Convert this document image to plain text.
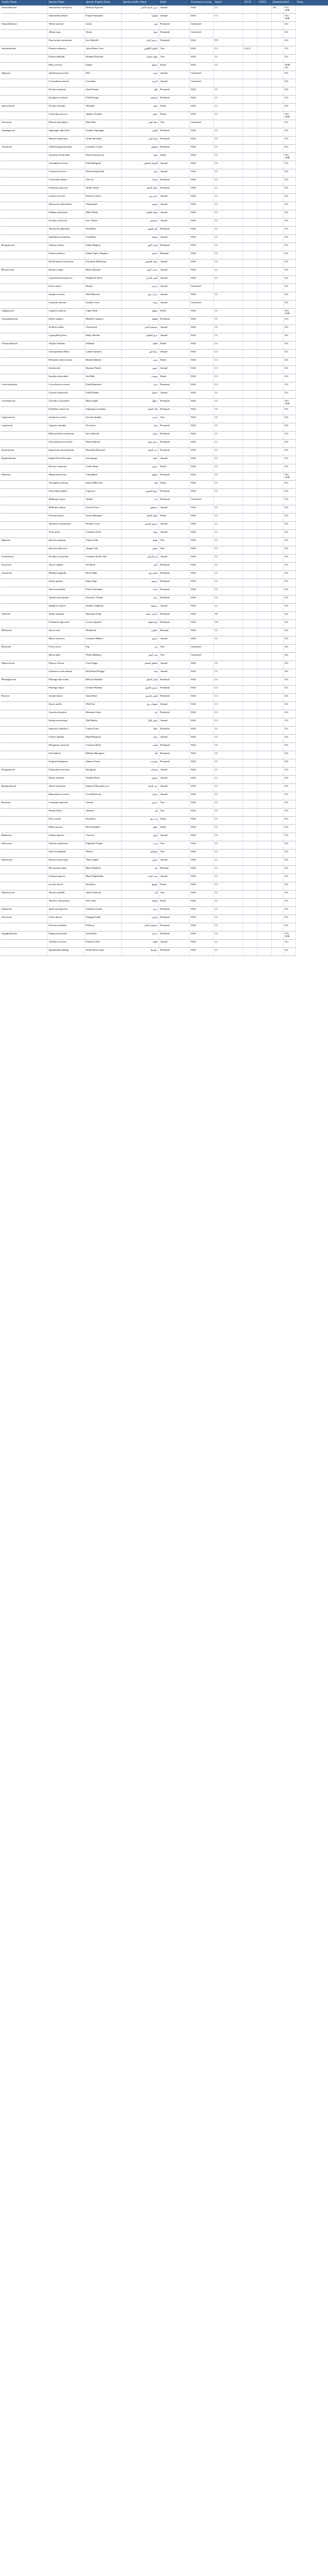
Family Name	Species Name	Species English Name	Species Arabic Name	Habit	Occurrence in Iraq	Status	IUCN	CITES	Endemism	Ref	Notes
Amaranthaceae	Amaranthus retroflexus	Redroot Pigweed	عرف الديك الأحمر	Annual	Wild	LC			AN	ILL/ AFR	
	Amaranthus blitum	Purple Amaranth	قطيفة	Annual	Wild	LC				ILL/ AFR	
Amaryllidaceae	Allium sativum	Garlic	ثوم	Perennial	Cultivated					ILL	
	Allium cepa	Onion	بصل	Perennial	Cultivated					ILL	
	Pancratium maritimum	Sea Daffodil	نرجس البحر	Perennial	Wild	NT				ILL	
Anacardiaceae	Pistacia atlantica	Atlas Mastic Tree	البطم الأطلسي	Tree	Wild	LC	P-4.21			ILL	
	Pistacia khinjuk	Khinjuk Pistachio	بطم خنجوك	Tree	Wild	LC				ILL	
	Rhus coriaria	Sumac	سماق	Shrub	Wild	LC				AFR/ ILL	
Apiaceae	Anethum graveolens	Dill	شبت	Annual	Cultivated					ILL	
	Coriandrum sativum	Coriander	كزبرة	Annual	Cultivated					ILL	
	Ferula communis	Giant Fennel	كلخ	Perennial	Wild	LC				ILL	
	Eryngium creticum	Field Eryngo	قرصعنة	Perennial	Wild	LC				ILL	
Apocynaceae	Nerium oleander	Oleander	دفلى	Shrub	Wild	LC				ILL	
	Calotropis procera	Apple of Sodom	عشار	Shrub	Wild	LC				ILL/ AFR	
Arecaceae	Phoenix dactylifera	Date Palm	نخلة التمر	Tree	Cultivated					ILL	
Asparagaceae	Asparagus officinalis	Garden Asparagus	هليون	Perennial	Wild	LC				ILL	
	Muscari neglectum	Grape Hyacinth	بصل الزيز	Perennial	Wild	LC				ILL	
Asteraceae	Achillea fragrantissima	Lavender Cotton	قيصوم	Perennial	Wild	LC				ILL	
	Artemisia herba-alba	White Wormwood	شيح	Shrub	Wild	LC				ILL/ AFR	
	Calendula arvensis	Field Marigold	أقحوان الحقول	Annual	Wild	LC				ILL	
	Centaurea iberica	Iberian Knapweed	مرار	Annual	Wild	LC				ILL	
	Cichorium intybus	Chicory	هندباء	Perennial	Wild	LC				ILL	
	Echinops polyceras	Globe Thistle	شوك الجمل	Perennial	Wild	LC				ILL	
	Lactuca serriola	Prickly Lettuce	خس بري	Annual	Wild	LC				ILL	
	Matricaria chamomilla	Chamomile	بابونج	Annual	Wild	LC				ILL	
	Silybum marianum	Milk Thistle	شوك الحليب	Annual	Wild	LC				ILL	
	Sonchus oleraceus	Sow Thistle	جعضيض	Annual	Wild	LC				ILL	
	Taraxacum officinale	Dandelion	طرخشقون	Perennial	Wild	LC				ILL	
	Xanthium strumarium	Cocklebur	شبيط	Annual	Wild	LC				ILL	
Boraginaceae	Anchusa italica	Italian Bugloss	لسان الثور	Perennial	Wild	LC				ILL	
	Echium italicum	Italian Viper's Bugloss	حمحم	Biennial	Wild	LC				ILL	
	Heliotropium europaeum	European Heliotrope	رقيبة الشمس	Annual	Wild	LC				ILL	
Brassicaceae	Brassica nigra	Black Mustard	خردل أسود	Annual	Wild	LC				ILL	
	Capsella bursa-pastoris	Shepherd's Purse	كيس الراعي	Annual	Wild	LC				ILL	
	Eruca sativa	Rocket	جرجير	Annual	Cultivated					ILL	
	Sinapis arvensis	Wild Mustard	خردل بري	Annual	Wild	LC				ILL	
	Lepidium sativum	Garden Cress	رشاد	Annual	Cultivated					ILL	
Capparaceae	Capparis spinosa	Caper Bush	شفلح	Shrub	Wild	LC				ILL/ AFR	
Caryophyllaceae	Silene vulgaris	Bladder Campion	قليقلة	Perennial	Wild	LC				ILL	
	Stellaria media	Chickweed	حشيشة القزاز	Annual	Wild	LC				ILL	
	Gypsophila pilosa	Baby's Breath	عرق الحلاوة	Annual	Wild	LC				ILL	
Chenopodiaceae	Atriplex halimus	Saltbush	قطف	Shrub	Wild	LC				ILL	
	Chenopodium album	Lamb's Quarters	رجلة الوز	Annual	Wild	LC				ILL	
	Haloxylon salicornicum	Rimth Saltbush	رمث	Shrub	Wild	LC				ILL	
	Salsola kali	Russian Thistle	حمض	Annual	Wild	LC				ILL	
	Suaeda vermiculata	Sea Blite	سويدة	Shrub	Wild	LC				ILL	
Convolvulaceae	Convolvulus arvensis	Field Bindweed	مديد	Perennial	Wild	LC				ILL	
	Cuscuta campestris	Field Dodder	حامول	Annual	Wild	LC				ILL	
Cucurbitaceae	Citrullus colocynthis	Bitter Apple	حنظل	Perennial	Wild	LC				ILL/ AFR	
	Ecballium elaterium	Squirting Cucumber	قثاء الحمار	Perennial	Wild	LC				ILL	
Cupressaceae	Juniperus excelsa	Grecian Juniper	عرعر	Tree	Wild	LC				ILL	
Cyperaceae	Cyperus rotundus	Nut Grass	سعد	Perennial	Wild	LC				ILL	
	Bolboschoenus maritimus	Sea Clubrush	سمار	Perennial	Wild	LC				ILL	
	Schoenoplectus litoralis	Shore Bulrush	بردي صغير	Perennial	Wild	LC				ILL	
Equisetaceae	Equisetum ramosissimum	Branched Horsetail	ذنب الخيل	Perennial	Wild	LC				ILL	
Euphorbiaceae	Euphorbia helioscopia	Sun Spurge	حليبة	Annual	Wild	LC				ILL	
	Ricinus communis	Castor Bean	خروع	Shrub	Wild	LC				ILL	
Fabaceae	Alhagi maurorum	Camelthorn	عاقول	Perennial	Wild	LC				ILL/ AFR	
	Astragalus spinosus	Spiny Milkvetch	قتاد	Shrub	Wild	LC				ILL	
	Glycyrrhiza glabra	Liquorice	عرق السوس	Perennial	Wild	LC				ILL	
	Medicago sativa	Alfalfa	جت	Perennial	Cultivated					ILL	
	Melilotus indicus	Sweet Clover	حندقوق	Annual	Wild	LC				ILL	
	Prosopis farcta	Syrian Mesquite	شوك الشام	Shrub	Wild	LC				ILL	
	Trifolium resupinatum	Persian Clover	برسيم فارسي	Annual	Wild	LC				ILL	
	Vicia sativa	Common Vetch	بيقية	Annual	Wild	LC				ILL	
Fagaceae	Quercus aegilops	Valonia Oak	بلوط	Tree	Wild	LC				ILL	
	Quercus infectoria	Aleppo Oak	عفص	Tree	Wild	LC				ILL	
Geraniaceae	Erodium cicutarium	Common Stork's-bill	إبرة الراعي	Annual	Wild	LC				ILL	
Juncaceae	Juncus rigidus	Sea Rush	أسل	Perennial	Wild	LC				ILL	
Lamiaceae	Mentha longifolia	Horse Mint	نعناع بري	Perennial	Wild	LC				ILL	
	Salvia spinosa	Spiny Sage	مريمية	Perennial	Wild	LC				ILL	
	Teucrium polium	Felty Germander	جعدة	Perennial	Wild	LC				ILL	
	Thymus kotschyanus	Kotschy's Thyme	زعتر	Perennial	Wild	LC				ILL	
	Ziziphora tenuior	Slender Ziziphora	زيزفورا	Annual	Wild	LC				ILL	
Liliaceae	Tulipa montana	Mountain Tulip	خزامى جبلية	Perennial	Wild	NT				ILL	
	Fritillaria imperialis	Crown Imperial	تاج الملوك	Perennial	Wild	VU				ILL	
Malvaceae	Alcea rosea	Hollyhock	خطمي	Biennial	Wild	LC				ILL	
	Malva sylvestris	Common Mallow	خبازي	Annual	Wild	LC				ILL	
Moraceae	Ficus carica	Fig	تين	Tree	Cultivated					ILL	
	Morus alba	White Mulberry	توت أبيض	Tree	Cultivated					ILL	
Papaveraceae	Papaver rhoeas	Corn Poppy	شقائق النعمان	Annual	Wild	LC				ILL	
	Glaucium corniculatum	Red Horned Poppy	ميثا	Annual	Wild	LC				ILL	
Plantaginaceae	Plantago lanceolata	Ribwort Plantain	لسان الحمل	Perennial	Wild	LC				ILL	
	Plantago major	Greater Plantain	ضرس العجوز	Perennial	Wild	LC				ILL	
Poaceae	Arundo donax	Giant Reed	قصب فارسي	Perennial	Wild	LC				ILL	
	Avena sterilis	Wild Oat	شوفان بري	Annual	Wild	LC				ILL	
	Cynodon dactylon	Bermuda Grass	ثيل	Perennial	Wild	LC				ILL	
	Hordeum murinum	Wall Barley	شعير الفأر	Annual	Wild	LC				ILL	
	Imperata cylindrica	Cogon Grass	حلفا	Perennial	Wild	LC				ILL	
	Lolium rigidum	Rigid Ryegrass	زوان	Annual	Wild	LC				ILL	
	Phragmites australis	Common Reed	قصب	Perennial	Wild	LC				ILL	
	Poa bulbosa	Bulbous Bluegrass	قبأ	Perennial	Wild	LC				ILL	
	Sorghum halepense	Johnson Grass	سفرندة	Perennial	Wild	LC				ILL	
Polygonaceae	Polygonum aviculare	Knotgrass	قرضاب	Annual	Wild	LC				ILL	
	Rumex dentatus	Toothed Dock	حميض	Annual	Wild	LC				ILL	
Ranunculaceae	Adonis aestivalis	Summer Pheasant's-eye	عين الديك	Annual	Wild	LC				ILL	
	Ranunculus arvensis	Corn Buttercup	حوذان	Annual	Wild	LC				ILL	
Rosaceae	Crataegus azarolus	Azarole	زعرور	Tree	Wild	LC				ILL	
	Prunus dulcis	Almond	لوز	Tree	Wild	LC				ILL	
	Rosa canina	Dog Rose	ورد بري	Shrub	Wild	LC				ILL	
	Rubus sanctus	Holy Bramble	عليق	Shrub	Wild	LC				ILL	
Rubiaceae	Galium aparine	Cleavers	لزيق	Annual	Wild	LC				ILL	
Salicaceae	Populus euphratica	Euphrates Poplar	غرب	Tree	Wild	LC				ILL	
	Salix acmophylla	Willow	صفصاف	Tree	Wild	LC				ILL	
Solanaceae	Datura stramonium	Thorn Apple	داتورة	Annual	Wild	LC				ILL	
	Hyoscyamus niger	Black Henbane	بنج	Biennial	Wild	LC				ILL	
	Solanum nigrum	Black Nightshade	عنب الذيب	Annual	Wild	LC				ILL	
	Lycium shawii	Boxthorn	عوسج	Shrub	Wild	LC				ILL	
Tamaricaceae	Tamarix aphylla	Athel Tamarisk	أثل	Tree	Wild	LC				ILL	
	Tamarix ramosissima	Salt Cedar	طرفاء	Shrub	Wild	LC				ILL	
Typhaceae	Typha domingensis	Southern Cattail	بردي	Perennial	Wild	LC				ILL	
Urticaceae	Urtica dioica	Stinging Nettle	قريص	Perennial	Wild	LC				ILL	
	Parietaria judaica	Pellitory	حشيشة الجدار	Perennial	Wild	LC				ILL	
Zygophyllaceae	Peganum harmala	Syrian Rue	حرمل	Perennial	Wild	LC				ILL/ AFR	
	Tribulus terrestris	Puncture Vine	قطب	Annual	Wild	LC				ILL	
	Zygophyllum fabago	Syrian Bean-caper	رطريط	Perennial	Wild	LC				ILL	
